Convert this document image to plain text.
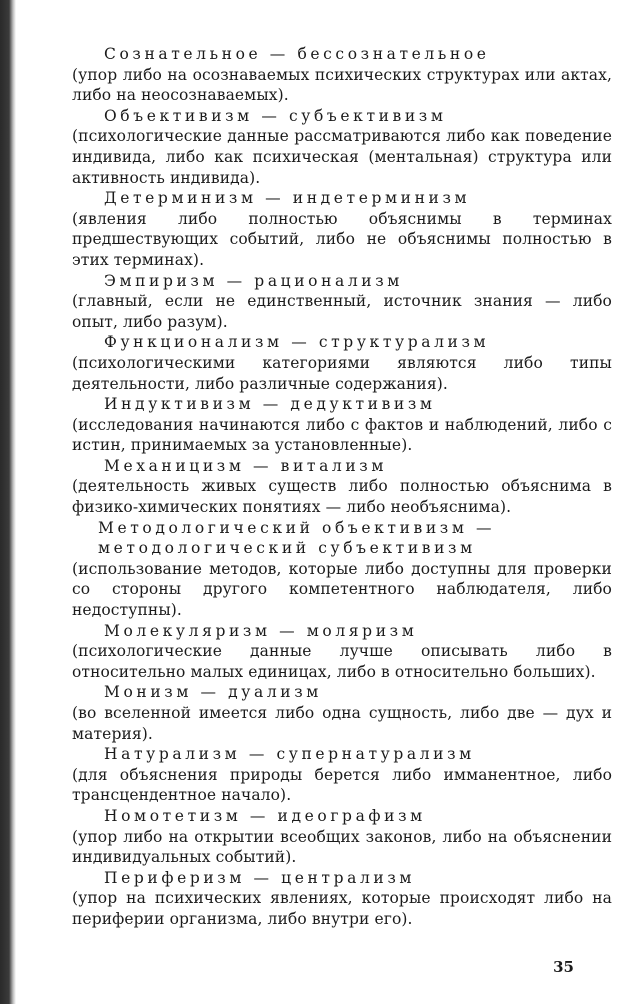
Сознательное — бессознательное
(упор либо на осознаваемых психических структурах или актах, либо на неосознаваемых).
Объективизм — субъективизм
(психологические данные рассматриваются либо как поведение индивида, либо как психическая (ментальная) структура или активность индивида).
Детерминизм — индетерминизм
(явления либо полностью объяснимы в терминах предшествующих событий, либо не объяснимы полностью в этих терминах).
Эмпиризм — рационализм
(главный, если не единственный, источник знания — либо опыт, либо разум).
Функционализм — структурализм
(психологическими категориями являются либо типы деятельности, либо различные содержания).
Индуктивизм — дедуктивизм
(исследования начинаются либо с фактов и наблюдений, либо с истин, принимаемых за установленные).
Механицизм — витализм
(деятельность живых существ либо полностью объяснима в физико-химических понятиях — либо необъяснима).
Методологический объективизм — методологический субъективизм
(использование методов, которые либо доступны для проверки со стороны другого компетентного наблюдателя, либо недоступны).
Молекуляризм — моляризм
(психологические данные лучше описывать либо в относительно малых единицах, либо в относительно больших).
Монизм — дуализм
(во вселенной имеется либо одна сущность, либо две — дух и материя).
Натурализм — супернатурализм
(для объяснения природы берется либо имманентное, либо трансцендентное начало).
Номотетизм — идеографизм
(упор либо на открытии всеобщих законов, либо на объяснении индивидуальных событий).
Периферизм — централизм
(упор на психических явлениях, которые происходят либо на периферии организма, либо внутри его).
35
